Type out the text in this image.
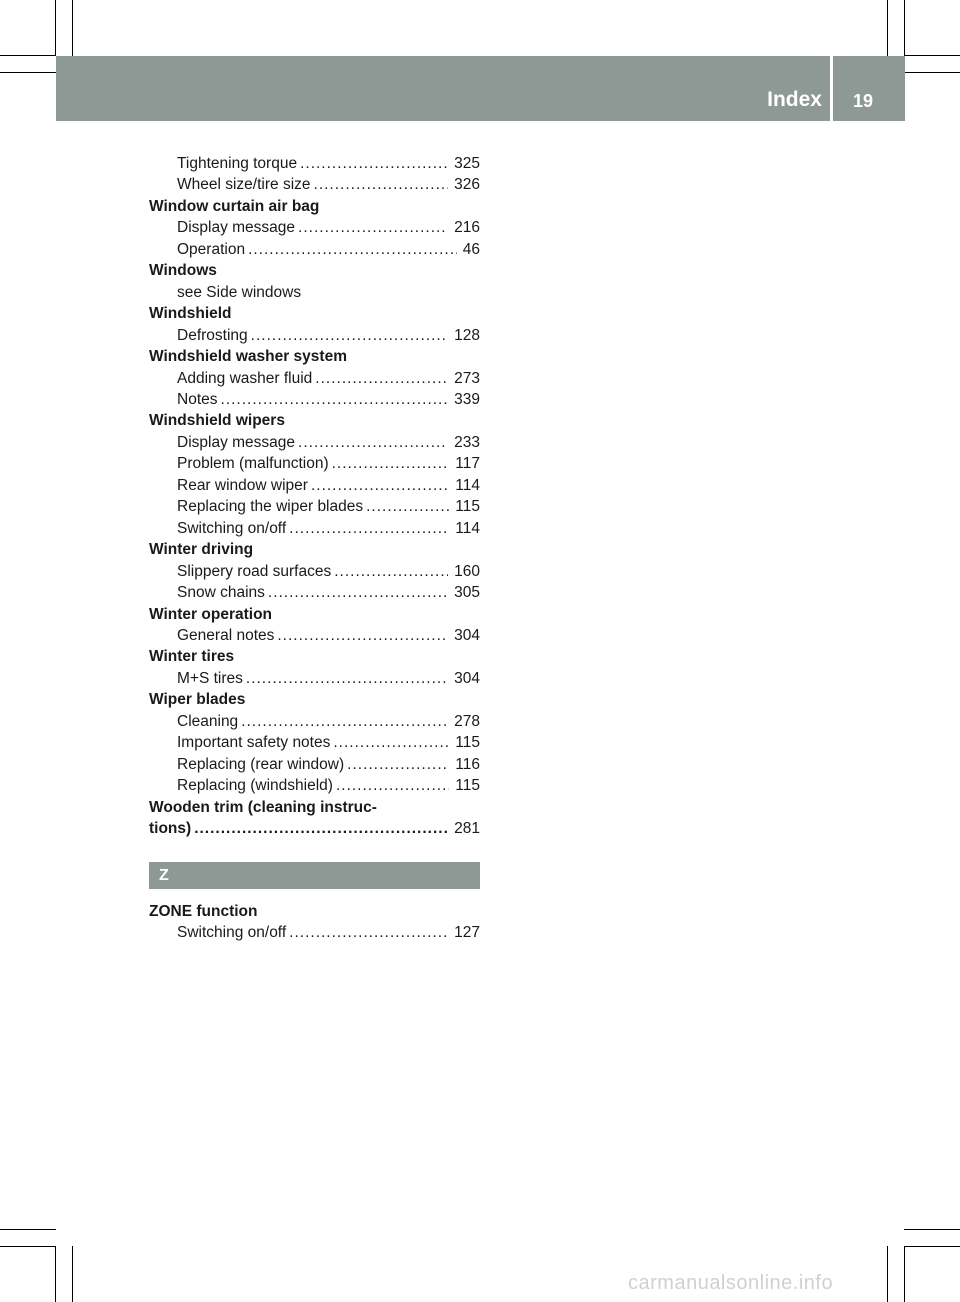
Index 19
Tightening torque .....	325
Wheel size/tire size .....	326
Window curtain air bag
Display message .....	216
Operation .....	46
Windows
see Side windows
Windshield
Defrosting .....	128
Windshield washer system
Adding washer fluid .....	273
Notes .....	339
Windshield wipers
Display message .....	233
Problem (malfunction) .....	117
Rear window wiper .....	114
Replacing the wiper blades .....	115
Switching on/off .....	114
Winter driving
Slippery road surfaces .....	160
Snow chains .....	305
Winter operation
General notes .....	304
Winter tires
M+S tires .....	304
Wiper blades
Cleaning .....	278
Important safety notes .....	115
Replacing (rear window) .....	116
Replacing (windshield) .....	115
Wooden trim (cleaning instruc-
tions) .....	281
Z
ZONE function
Switching on/off .....	127
carmanualsonline.info
